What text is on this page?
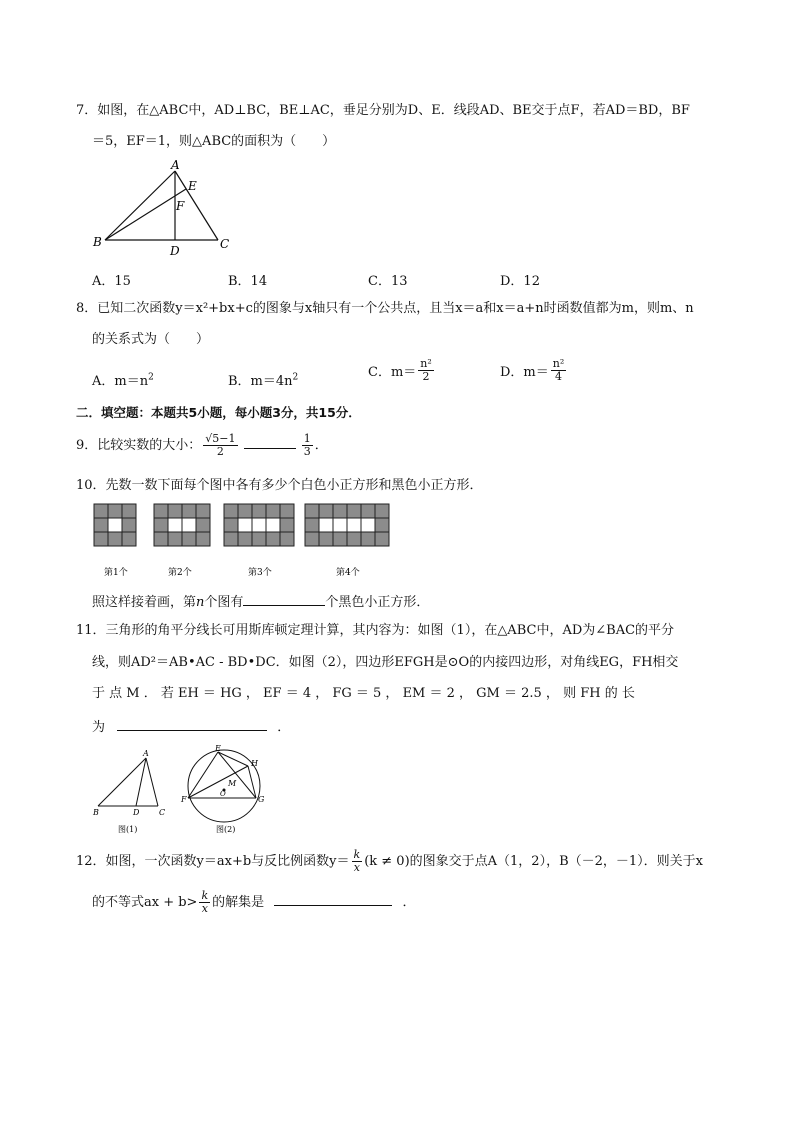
7．如图，在△ABC中，AD⊥BC，BE⊥AC，垂足分别为D、E．线段AD、BE交于点F，若AD＝BD，BF
＝5，EF＝1，则△ABC的面积为（　　）
A
B	C
D
E
F
A．15	B．14	C．13	D．12
8．已知二次函数y＝x²+bx+c的图象与x轴只有一个公共点，且当x＝a和x＝a+n时函数值都为m，则m、n
的关系式为（　　）
A．$m=n^2$	B．$m=4n^2$	C．$m= \frac{\text{n²}}{2}$	D．$m= \frac{\text{n²}}{4}$
二．填空题：本题共5小题，每小题3分，共15分．
9．比较实数的大小： $\frac{√5-1}{2}$
	$\frac{1}{3}$ ．
10．先数一数下面每个图中各有多少个白色小正方形和黑色小正方形．
第1个	第2个	第3个	第4个
照这样接着画，第n个图有	个黑色小正方形．
11．三角形的角平分线长可用斯库顿定理计算，其内容为：如图（1），在△ABC中，AD为∠BAC的平分
线，则AD²＝AB•AC - BD•DC．如图（2），四边形EFGH是⊙O的内接四边形，对角线EG，FH相交
于 点 M ． 若 EH ＝ HG ， EF ＝ 4 ， FG ＝ 5 ， EM ＝ 2 ， GM ＝ 2.5 ， 则 FH 的 长
为	．
A
B	D C
图(1)
E
H
F	G
M
O
图(2)
12．如图，一次函数y＝ax+b与反比例函数$y= \frac{k}{x} (k \ne 0)$的图象交于点A（1，2），B（－2，－1）．则关于x
的不等式ax + $b> \frac{k}{x}$ 的解集是	．
